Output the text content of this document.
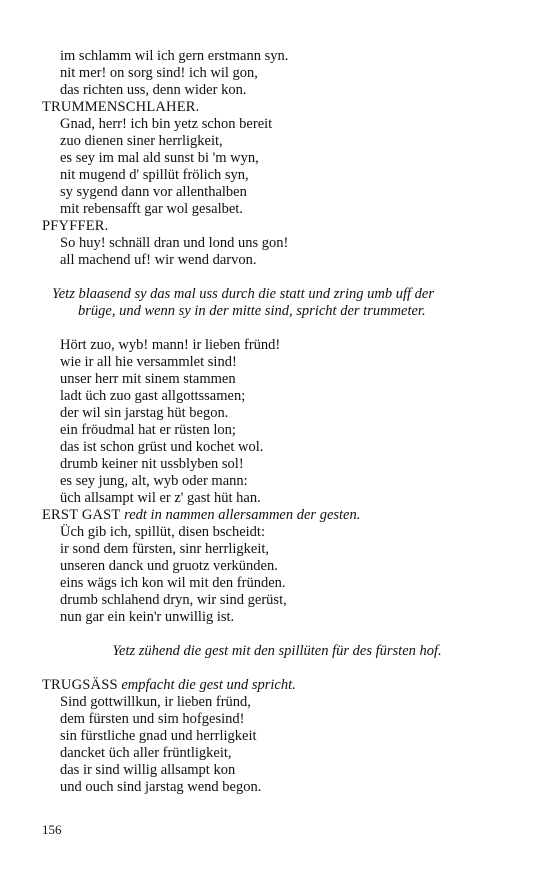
im schlamm wil ich gern erstmann syn.
nit mer! on sorg sind! ich wil gon,
das richten uss, denn wider kon.
TRUMMENSCHLAHER.
Gnad, herr! ich bin yetz schon bereit
zuo dienen siner herrligkeit,
es sey im mal ald sunst bi 'm wyn,
nit mugend d' spillüt frölich syn,
sy sygend dann vor allenthalben
mit rebensafft gar wol gesalbet.
PFYFFER.
So huy! schnäll dran und lond uns gon!
all machend uf! wir wend darvon.
Yetz blaasend sy das mal uss durch die statt und zring umb uff der
brüge, und wenn sy in der mitte sind, spricht der trummeter.
Hört zuo, wyb! mann! ir lieben fründ!
wie ir all hie versammlet sind!
unser herr mit sinem stammen
ladt üch zuo gast allgottssamen;
der wil sin jarstag hüt begon.
ein fröudmal hat er rüsten lon;
das ist schon grüst und kochet wol.
drumb keiner nit ussblyben sol!
es sey jung, alt, wyb oder mann:
üch allsampt wil er z' gast hüt han.
ERST GAST redt in nammen allersammen der gesten.
Üch gib ich, spillüt, disen bscheidt:
ir sond dem fürsten, sinr herrligkeit,
unseren danck und gruotz verkünden.
eins wägs ich kon wil mit den fründen.
drumb schlahend dryn, wir sind gerüst,
nun gar ein kein'r unwillig ist.
Yetz zühend die gest mit den spillüten für des fürsten hof.
TRUGSÄSS empfacht die gest und spricht.
Sind gottwillkun, ir lieben fründ,
dem fürsten und sim hofgesind!
sin fürstliche gnad und herrligkeit
dancket üch aller früntligkeit,
das ir sind willig allsampt kon
und ouch sind jarstag wend begon.
156
